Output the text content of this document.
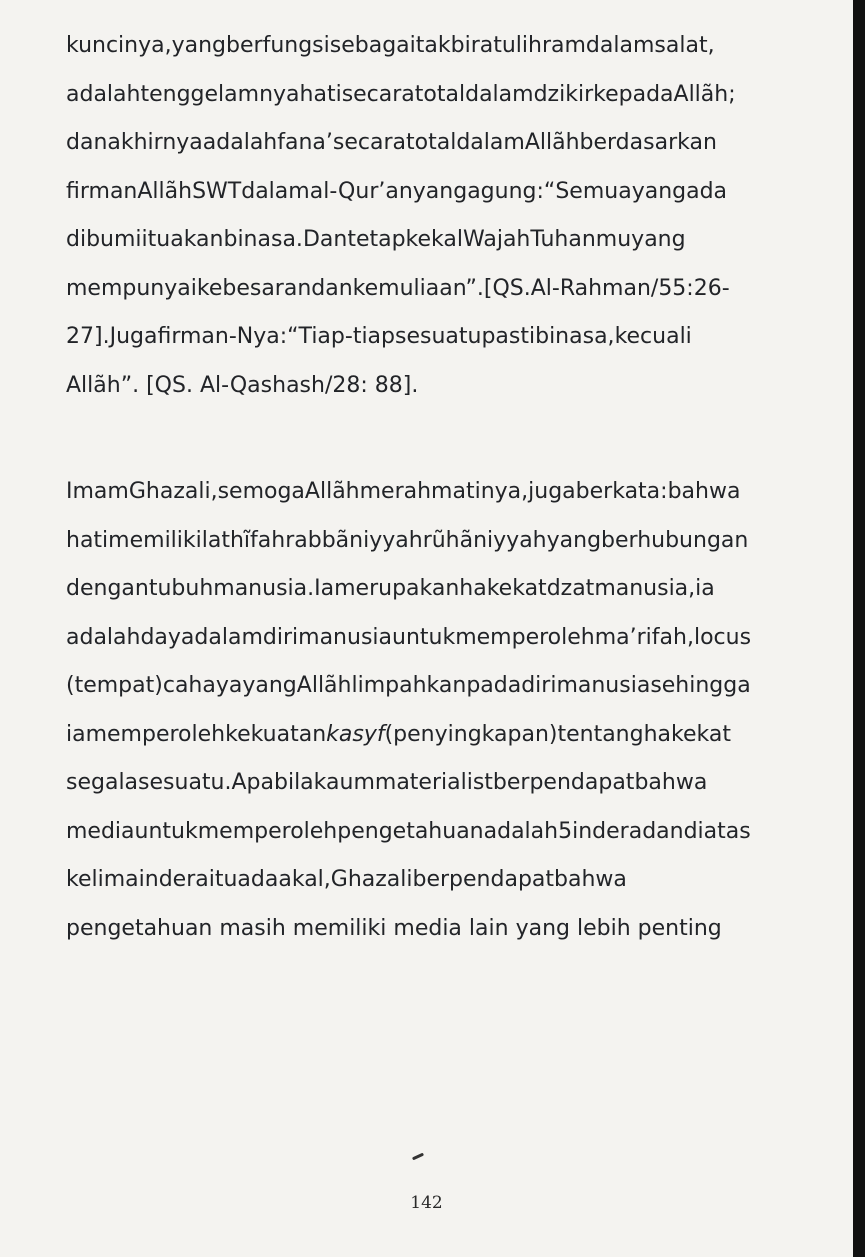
kuncinya,yangberfungsisebagaitakbiratulihramdalamsalat,
adalahtenggelamnyahatisecaratotaldalamdzikirkepadaAllãh;
danakhirnyaadalahfana’secaratotaldalamAllãhberdasarkan
firmanAllãhSWTdalamal-Qur’anyangagung:“Semuayangada
dibumiituakanbinasa.DantetapkekalWajahTuhanmuyang
mempunyaikebesarandankemuliaan”.[QS.Al-Rahman/55:26-
27].Jugafirman-Nya:“Tiap-tiapsesuatupastibinasa,kecuali
Allãh”. [QS. Al-Qashash/28: 88].
ImamGhazali,semogaAllãhmerahmatinya,jugaberkata:bahwa
hatimemilikilathĩfahrabbãniyyahrũhãniyyahyangberhubungan
dengantubuhmanusia.Iamerupakanhakekatdzatmanusia,ia
adalahdayadalamdirimanusiauntukmemperolehma’rifah,locus
(tempat)cahayayangAllãhlimpahkanpadadirimanusiasehingga
iamemperolehkekuatankasyf(penyingkapan)tentanghakekat
segalasesuatu.Apabilakaummaterialistberpendapatbahwa
mediauntukmemperolehpengetahuanadalah5inderadandiatas
kelimainderaituadaakal,Ghazaliberpendapatbahwa
pengetahuan masih memiliki media lain yang lebih penting
142
